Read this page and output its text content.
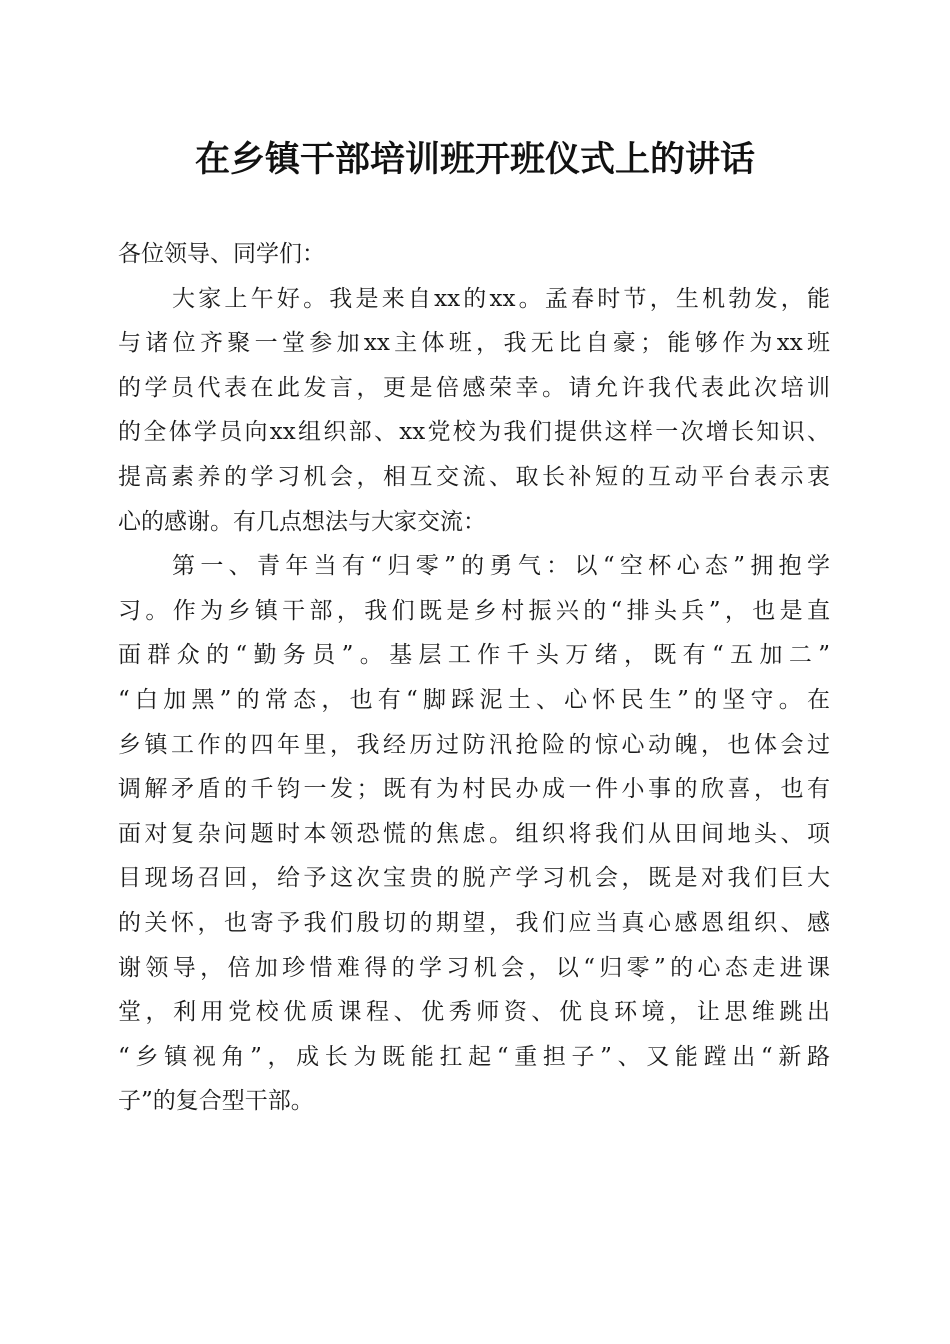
在乡镇干部培训班开班仪式上的讲话
各位领导、同学们：
大家上午好。我是来自xx的xx。孟春时节，生机勃发，能
与诸位齐聚一堂参加xx主体班，我无比自豪；能够作为xx班
的学员代表在此发言，更是倍感荣幸。请允许我代表此次培训
的全体学员向xx组织部、xx党校为我们提供这样一次增长知识、
提高素养的学习机会，相互交流、取长补短的互动平台表示衷
心的感谢。有几点想法与大家交流：
第一、青年当有“归零”的勇气：以“空杯心态”拥抱学
习。作为乡镇干部，我们既是乡村振兴的“排头兵”，也是直
面群众的“勤务员”。基层工作千头万绪，既有“五加二”
“白加黑”的常态，也有“脚踩泥土、心怀民生”的坚守。在
乡镇工作的四年里，我经历过防汛抢险的惊心动魄，也体会过
调解矛盾的千钧一发；既有为村民办成一件小事的欣喜，也有
面对复杂问题时本领恐慌的焦虑。组织将我们从田间地头、项
目现场召回，给予这次宝贵的脱产学习机会，既是对我们巨大
的关怀，也寄予我们殷切的期望，我们应当真心感恩组织、感
谢领导，倍加珍惜难得的学习机会，以“归零”的心态走进课
堂，利用党校优质课程、优秀师资、优良环境，让思维跳出
“乡镇视角”，成长为既能扛起“重担子”、又能蹚出“新路
子”的复合型干部。
